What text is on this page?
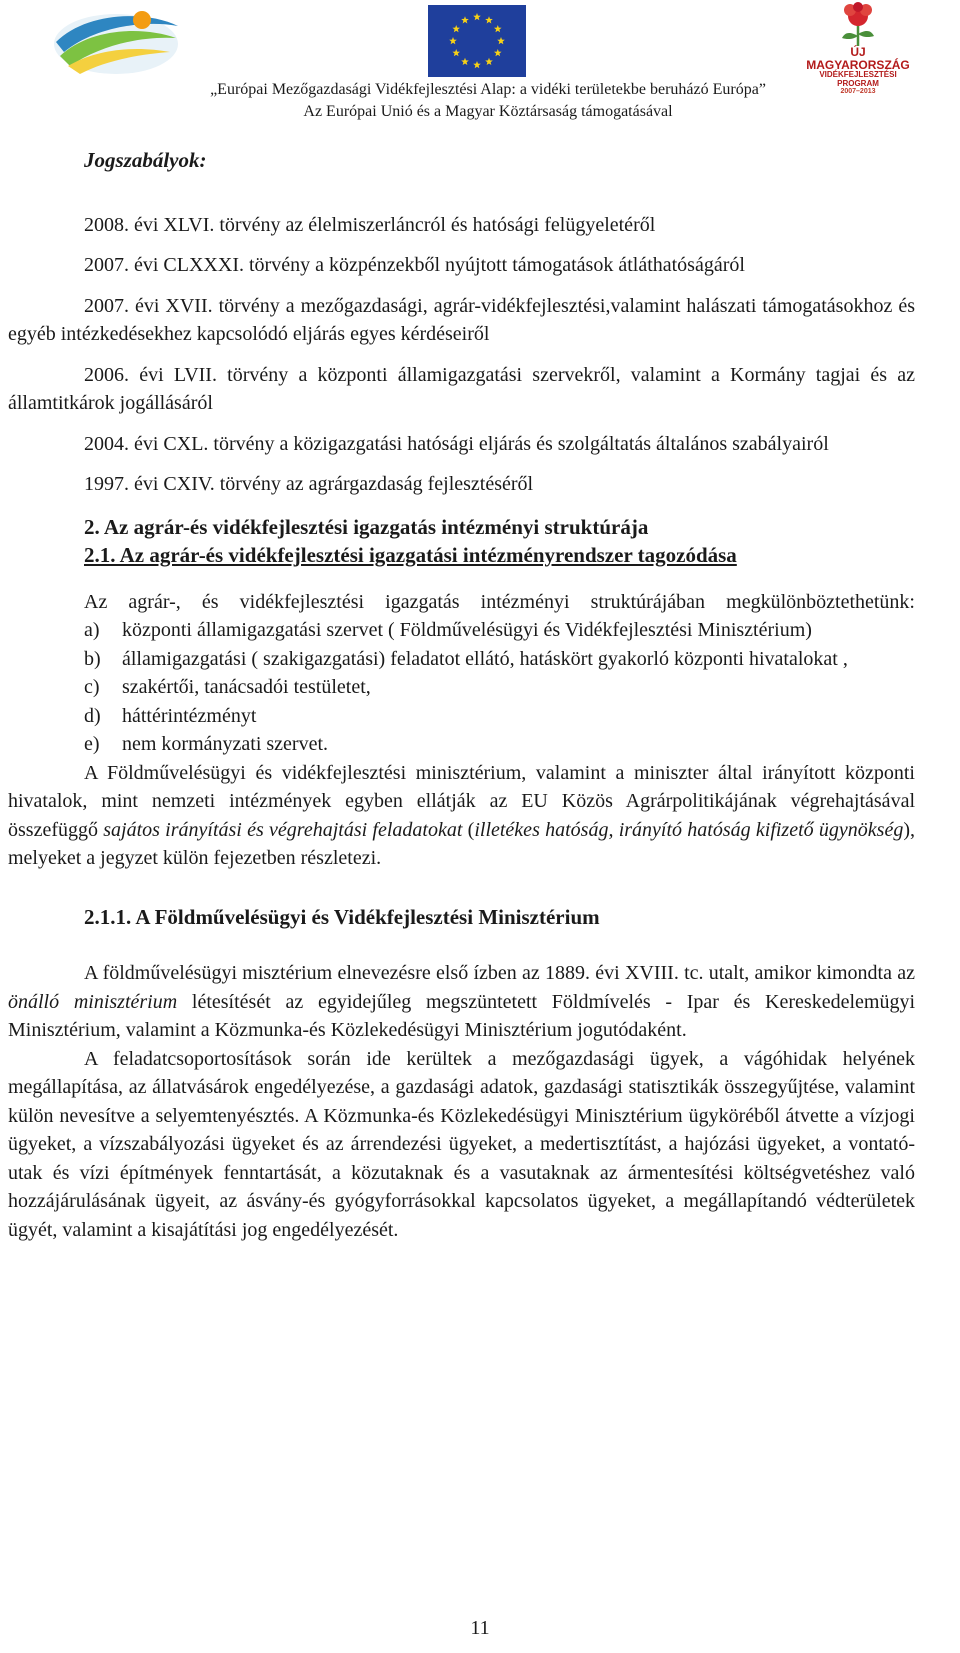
ÚJ MAGYARORSZÁG
VIDÉKFEJLESZTÉSI PROGRAM
2007–2013
„Európai Mezőgazdasági Vidékfejlesztési Alap: a vidéki területekbe beruházó Európa”
Az Európai Unió és a Magyar Köztársaság támogatásával

Jogszabályok:

2008. évi XLVI. törvény az élelmiszerláncról és hatósági felügyeletéről

2007. évi CLXXXI. törvény a közpénzekből nyújtott támogatások átláthatóságáról

2007. évi XVII. törvény a mezőgazdasági, agrár-vidékfejlesztési,valamint halászati támogatásokhoz és egyéb intézkedésekhez kapcsolódó eljárás egyes kérdéseiről

2006. évi LVII. törvény a központi államigazgatási szervekről, valamint a Kormány tagjai és az államtitkárok jogállásáról

2004. évi CXL. törvény a közigazgatási hatósági eljárás és szolgáltatás általános szabályairól

1997. évi CXIV. törvény az agrárgazdaság fejlesztéséről

2. Az agrár-és vidékfejlesztési igazgatás intézményi struktúrája

2.1. Az agrár-és vidékfejlesztési igazgatási intézményrendszer tagozódása

Az agrár-, és vidékfejlesztési igazgatás intézményi struktúrájában megkülönböztethetünk:

a)	központi államigazgatási szervet ( Földművelésügyi és Vidékfejlesztési Minisztérium)
b)	államigazgatási ( szakigazgatási) feladatot ellátó, hatáskört gyakorló központi hivatalokat ,
c)	szakértői, tanácsadói testületet,
d)	háttérintézményt
e)	nem kormányzati szervet.

A Földművelésügyi és vidékfejlesztési minisztérium, valamint a miniszter által irányított központi hivatalok, mint nemzeti intézmények egyben ellátják az EU Közös Agrárpolitikájának végrehajtásával összefüggő sajátos irányítási és végrehajtási feladatokat (illetékes hatóság, irányító hatóság kifizető ügynökség), melyeket a jegyzet külön fejezetben részletezi.

2.1.1. A Földművelésügyi és Vidékfejlesztési Minisztérium

A földművelésügyi misztérium elnevezésre első ízben az 1889. évi XVIII. tc. utalt, amikor kimondta az önálló minisztérium létesítését az egyidejűleg megszüntetett Földmívelés - Ipar és Kereskedelemügyi Minisztérium, valamint a Közmunka-és Közlekedésügyi Minisztérium jogutódaként.

A feladatcsoportosítások során ide kerültek a mezőgazdasági ügyek, a vágóhidak helyének megállapítása, az állatvásárok engedélyezése, a gazdasági adatok, gazdasági statisztikák összegyűjtése, valamint külön nevesítve a selyemtenyésztés. A Közmunka-és Közlekedésügyi Minisztérium ügyköréből átvette a vízjogi ügyeket, a vízszabályozási ügyeket és az árrendezési ügyeket, a medertisztítást, a hajózási ügyeket, a vontató-utak és vízi építmények fenntartását, a közutaknak és a vasutaknak az ármentesítési költségvetéshez való hozzájárulásának ügyeit, az ásvány-és gyógyforrásokkal kapcsolatos ügyeket, a megállapítandó védterületek ügyét, valamint a kisajátítási jog engedélyezését.

11
